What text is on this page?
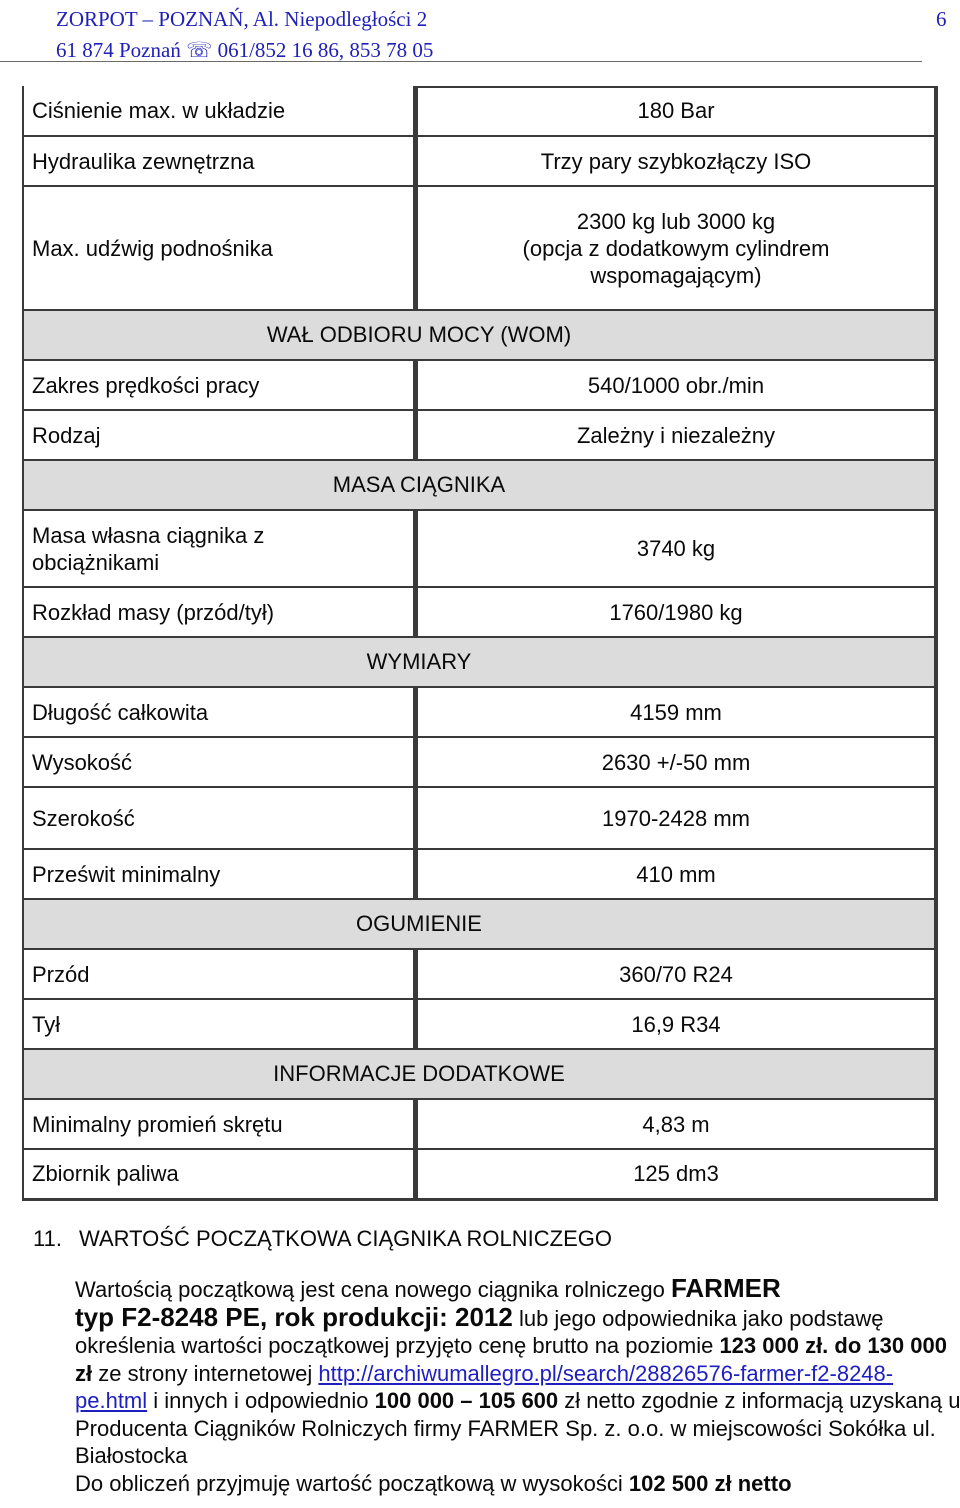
ZORPOT – POZNAŃ, Al. Niepodległości 2
61 874 Poznań ☏ 061/852 16 86, 853 78 05
6
Ciśnienie max. w układzie	180 Bar
Hydraulika zewnętrzna	Trzy pary szybkozłączy ISO
Max. udźwig podnośnika	2300 kg lub 3000 kg
(opcja z dodatkowym cylindrem
wspomagającym)
WAŁ ODBIORU MOCY (WOM)	
Zakres prędkości pracy	540/1000 obr./min
Rodzaj	Zależny i niezależny
MASA CIĄGNIKA	
Masa własna ciągnika z
obciążnikami	3740 kg
Rozkład masy (przód/tył)	1760/1980 kg
WYMIARY	
Długość całkowita	4159 mm
Wysokość	2630 +/-50 mm
Szerokość	1970-2428 mm
Prześwit minimalny	410 mm
OGUMIENIE	
Przód	360/70 R24
Tył	16,9 R34
INFORMACJE DODATKOWE	
Minimalny promień skrętu	4,83 m
Zbiornik paliwa	125 dm3
11. WARTOŚĆ POCZĄTKOWA CIĄGNIKA ROLNICZEGO
Wartością początkową jest cena nowego ciągnika rolniczego FARMER
typ F2-8248 PE, rok produkcji: 2012 lub jego odpowiednika jako podstawę określenia wartości początkowej przyjęto cenę brutto na poziomie 123 000 zł. do 130 000 zł ze strony internetowej http://archiwumallegro.pl/search/28826576-farmer-f2-8248-pe.html i innych i odpowiednio 100 000 – 105 600 zł netto zgodnie z informacją uzyskaną u Producenta Ciągników Rolniczych firmy FARMER Sp. z. o.o. w miejscowości Sokółka ul. Białostocka
Do obliczeń przyjmuję wartość początkową w wysokości 102 500 zł netto
